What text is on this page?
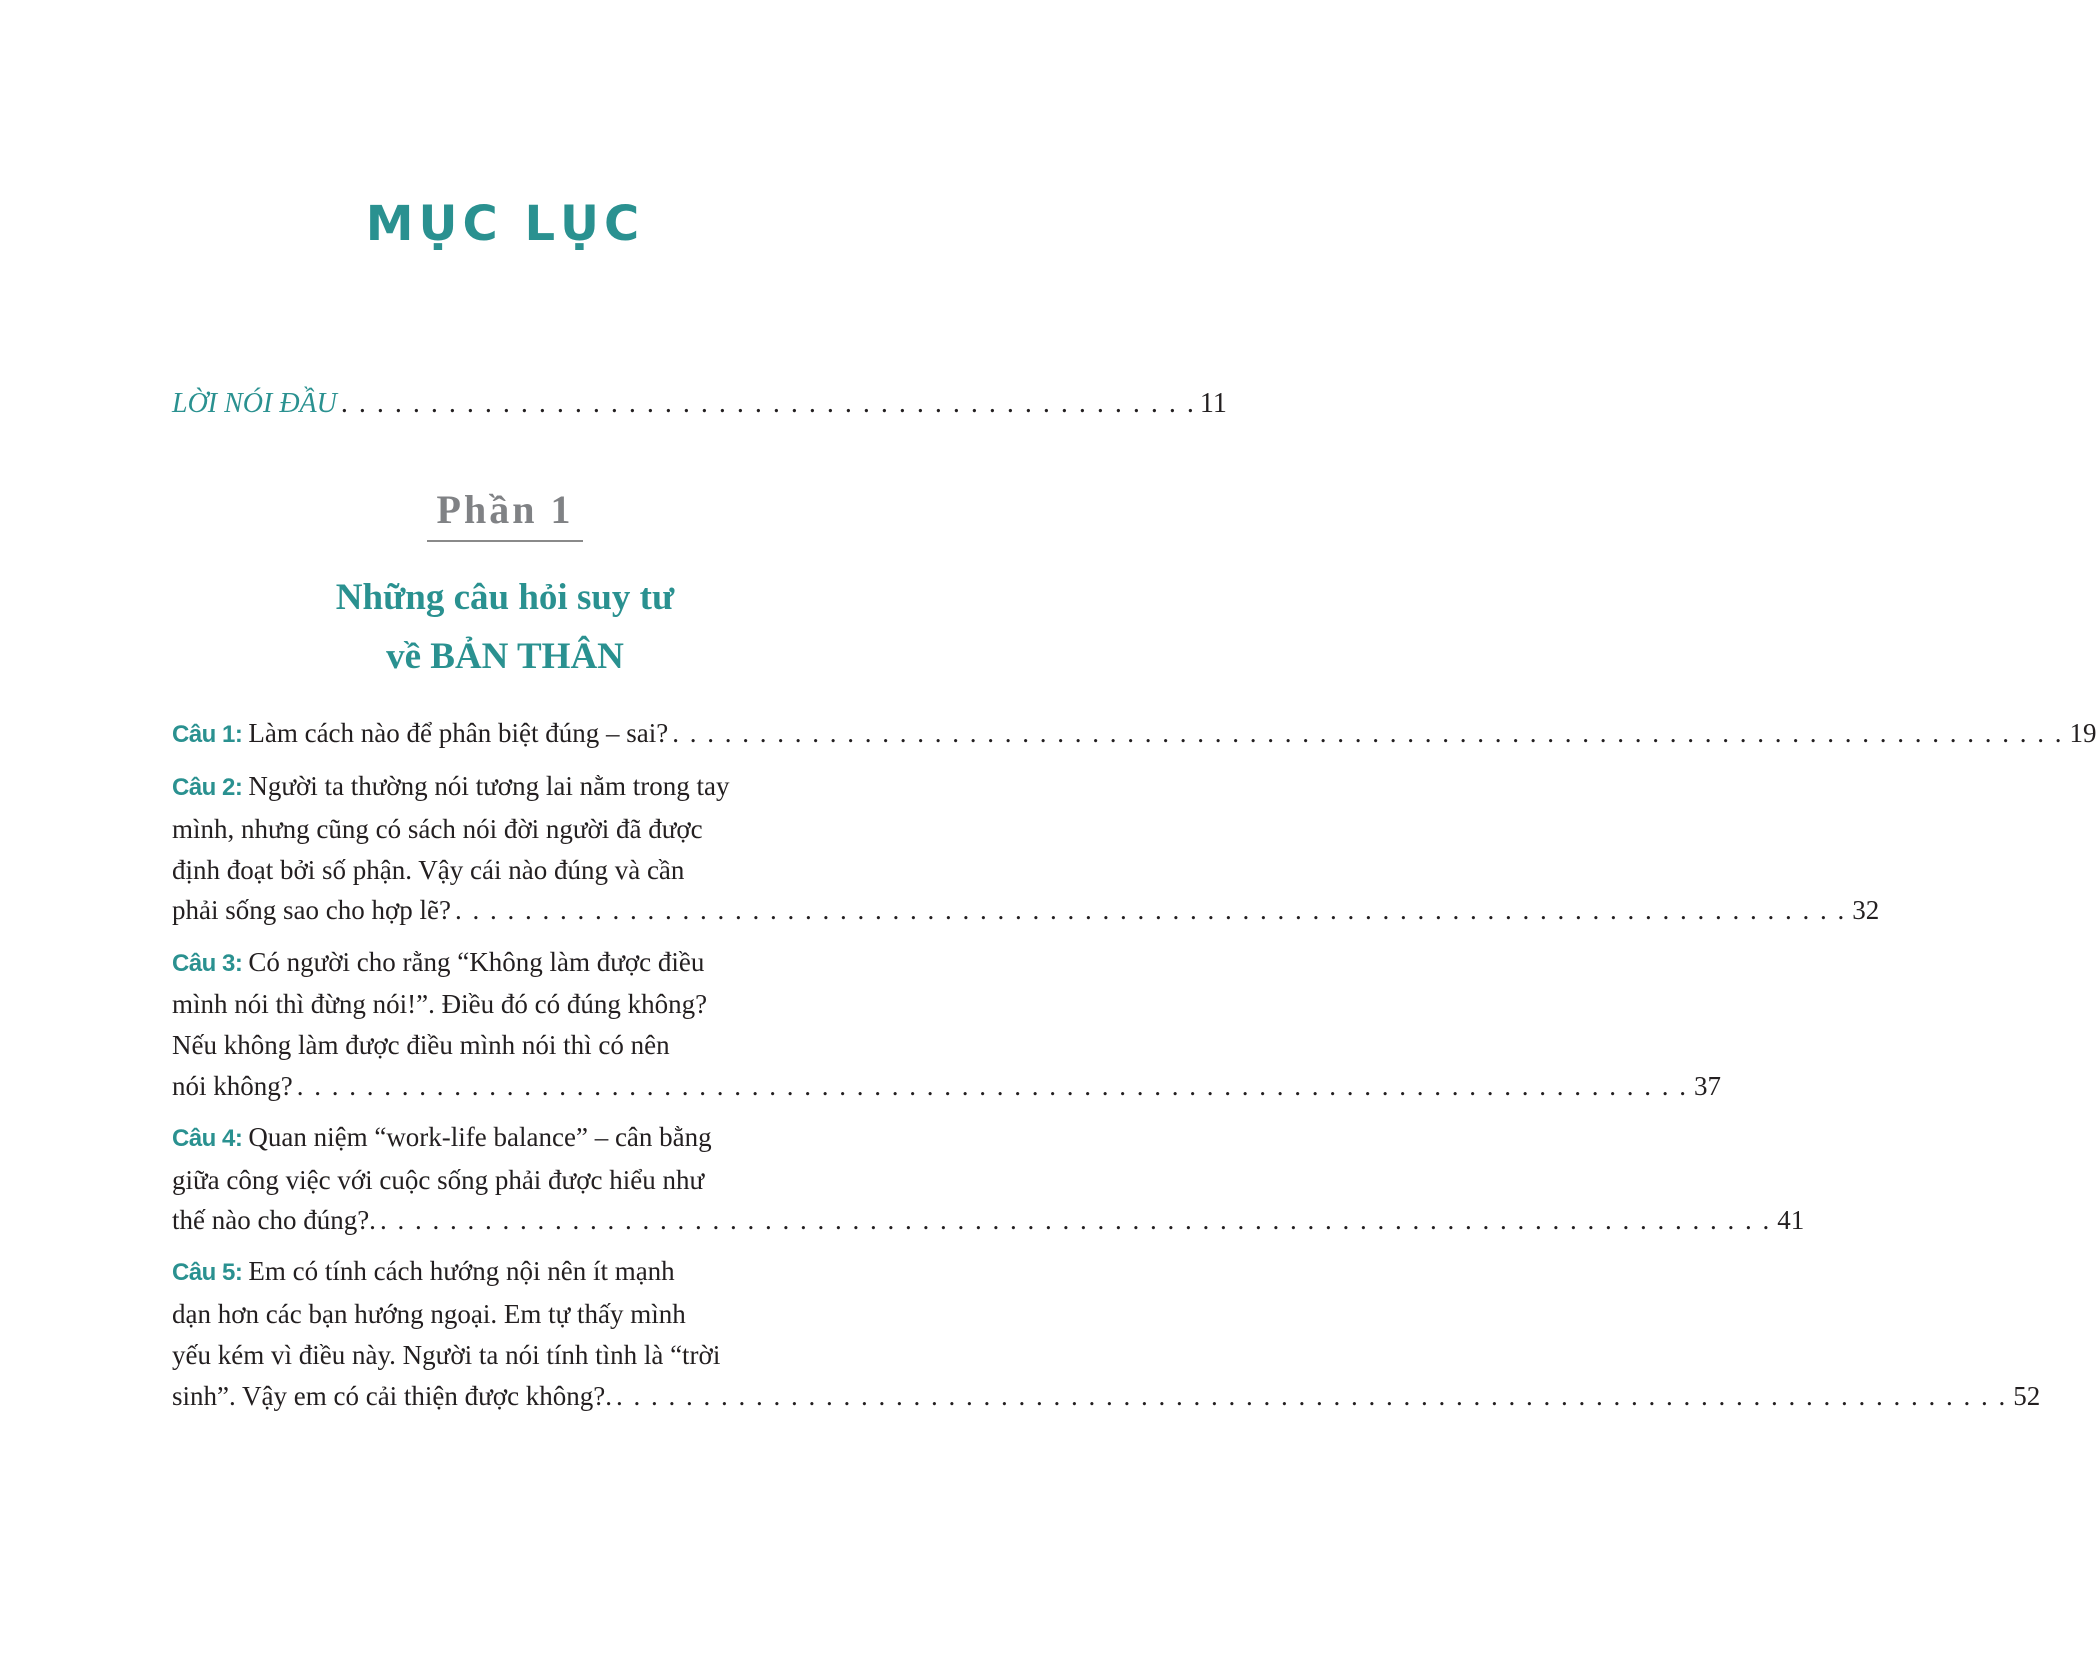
MỤC LỤC
LỜI NÓI ĐẦU . . . . . . . . . . . . . . . . . . . . . . . . . . . . . . . . . . . . . . . . . . . . . . . . 11
Phần 1
Những câu hỏi suy tư
về BẢN THÂN
Câu 1: Làm cách nào để phân biệt đúng – sai? . . . . . . . . . . . . . . . . . . . . . . . . . . . . . . . . . . . . . . . . . . . . . . . . . . . . . . . . . . . . . . . . . . . . . . . . . . . . . . . . 19
Câu 2: Người ta thường nói tương lai nằm trong tay
mình, nhưng cũng có sách nói đời người đã được
định đoạt bởi số phận. Vậy cái nào đúng và cần
phải sống sao cho hợp lẽ? . . . . . . . . . . . . . . . . . . . . . . . . . . . . . . . . . . . . . . . . . . . . . . . . . . . . . . . . . . . . . . . . . . . . . . . . . . . . . . . . 32
Câu 3: Có người cho rằng “Không làm được điều
mình nói thì đừng nói!”. Điều đó có đúng không?
Nếu không làm được điều mình nói thì có nên
nói không? . . . . . . . . . . . . . . . . . . . . . . . . . . . . . . . . . . . . . . . . . . . . . . . . . . . . . . . . . . . . . . . . . . . . . . . . . . . . . . . . 37
Câu 4: Quan niệm “work-life balance” – cân bằng
giữa công việc với cuộc sống phải được hiểu như
thế nào cho đúng?. . . . . . . . . . . . . . . . . . . . . . . . . . . . . . . . . . . . . . . . . . . . . . . . . . . . . . . . . . . . . . . . . . . . . . . . . . . . . . . . . 41
Câu 5: Em có tính cách hướng nội nên ít mạnh
dạn hơn các bạn hướng ngoại. Em tự thấy mình
yếu kém vì điều này. Người ta nói tính tình là “trời
sinh”. Vậy em có cải thiện được không?. . . . . . . . . . . . . . . . . . . . . . . . . . . . . . . . . . . . . . . . . . . . . . . . . . . . . . . . . . . . . . . . . . . . . . . . . . . . . . . . . 52
